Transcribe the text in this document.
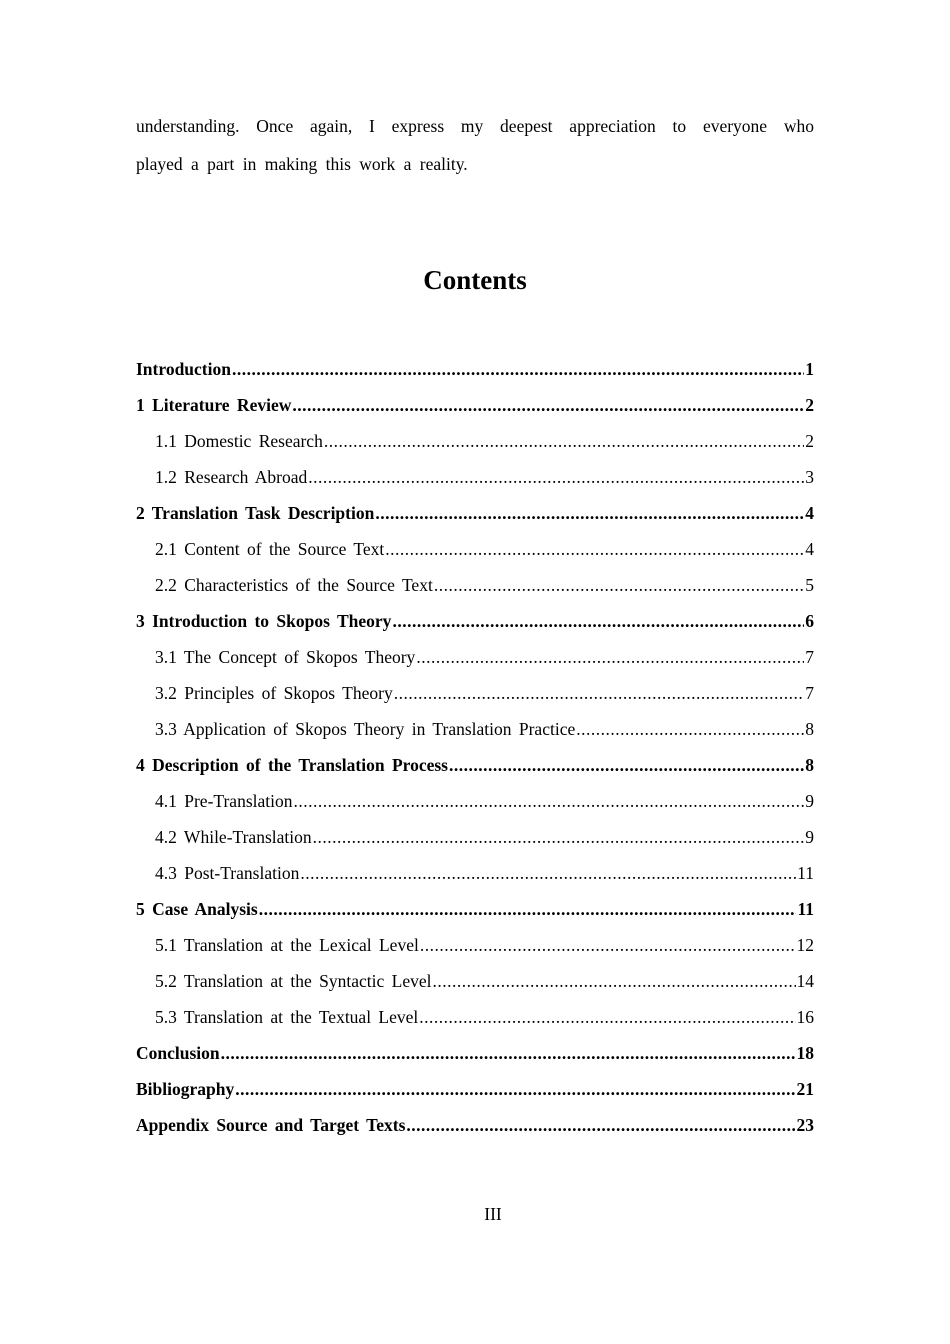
understanding. Once again, I express my deepest appreciation to everyone who
played a part in making this work a reality.
Contents
Introduction .....	1
1 Literature Review .....	2
1.1 Domestic Research .....	2
1.2 Research Abroad .....	3
2 Translation Task Description .....	4
2.1 Content of the Source Text .....	4
2.2 Characteristics of the Source Text .....	5
3 Introduction to Skopos Theory .....	6
3.1 The Concept of Skopos Theory .....	7
3.2 Principles of Skopos Theory .....	7
3.3 Application of Skopos Theory in Translation Practice .....	8
4 Description of the Translation Process .....	8
4.1 Pre-Translation .....	9
4.2 While-Translation .....	9
4.3 Post-Translation .....	11
5 Case Analysis .....	11
5.1 Translation at the Lexical Level .....	12
5.2 Translation at the Syntactic Level .....	14
5.3 Translation at the Textual Level .....	16
Conclusion .....	18
Bibliography .....	21
Appendix Source and Target Texts .....	23
III
